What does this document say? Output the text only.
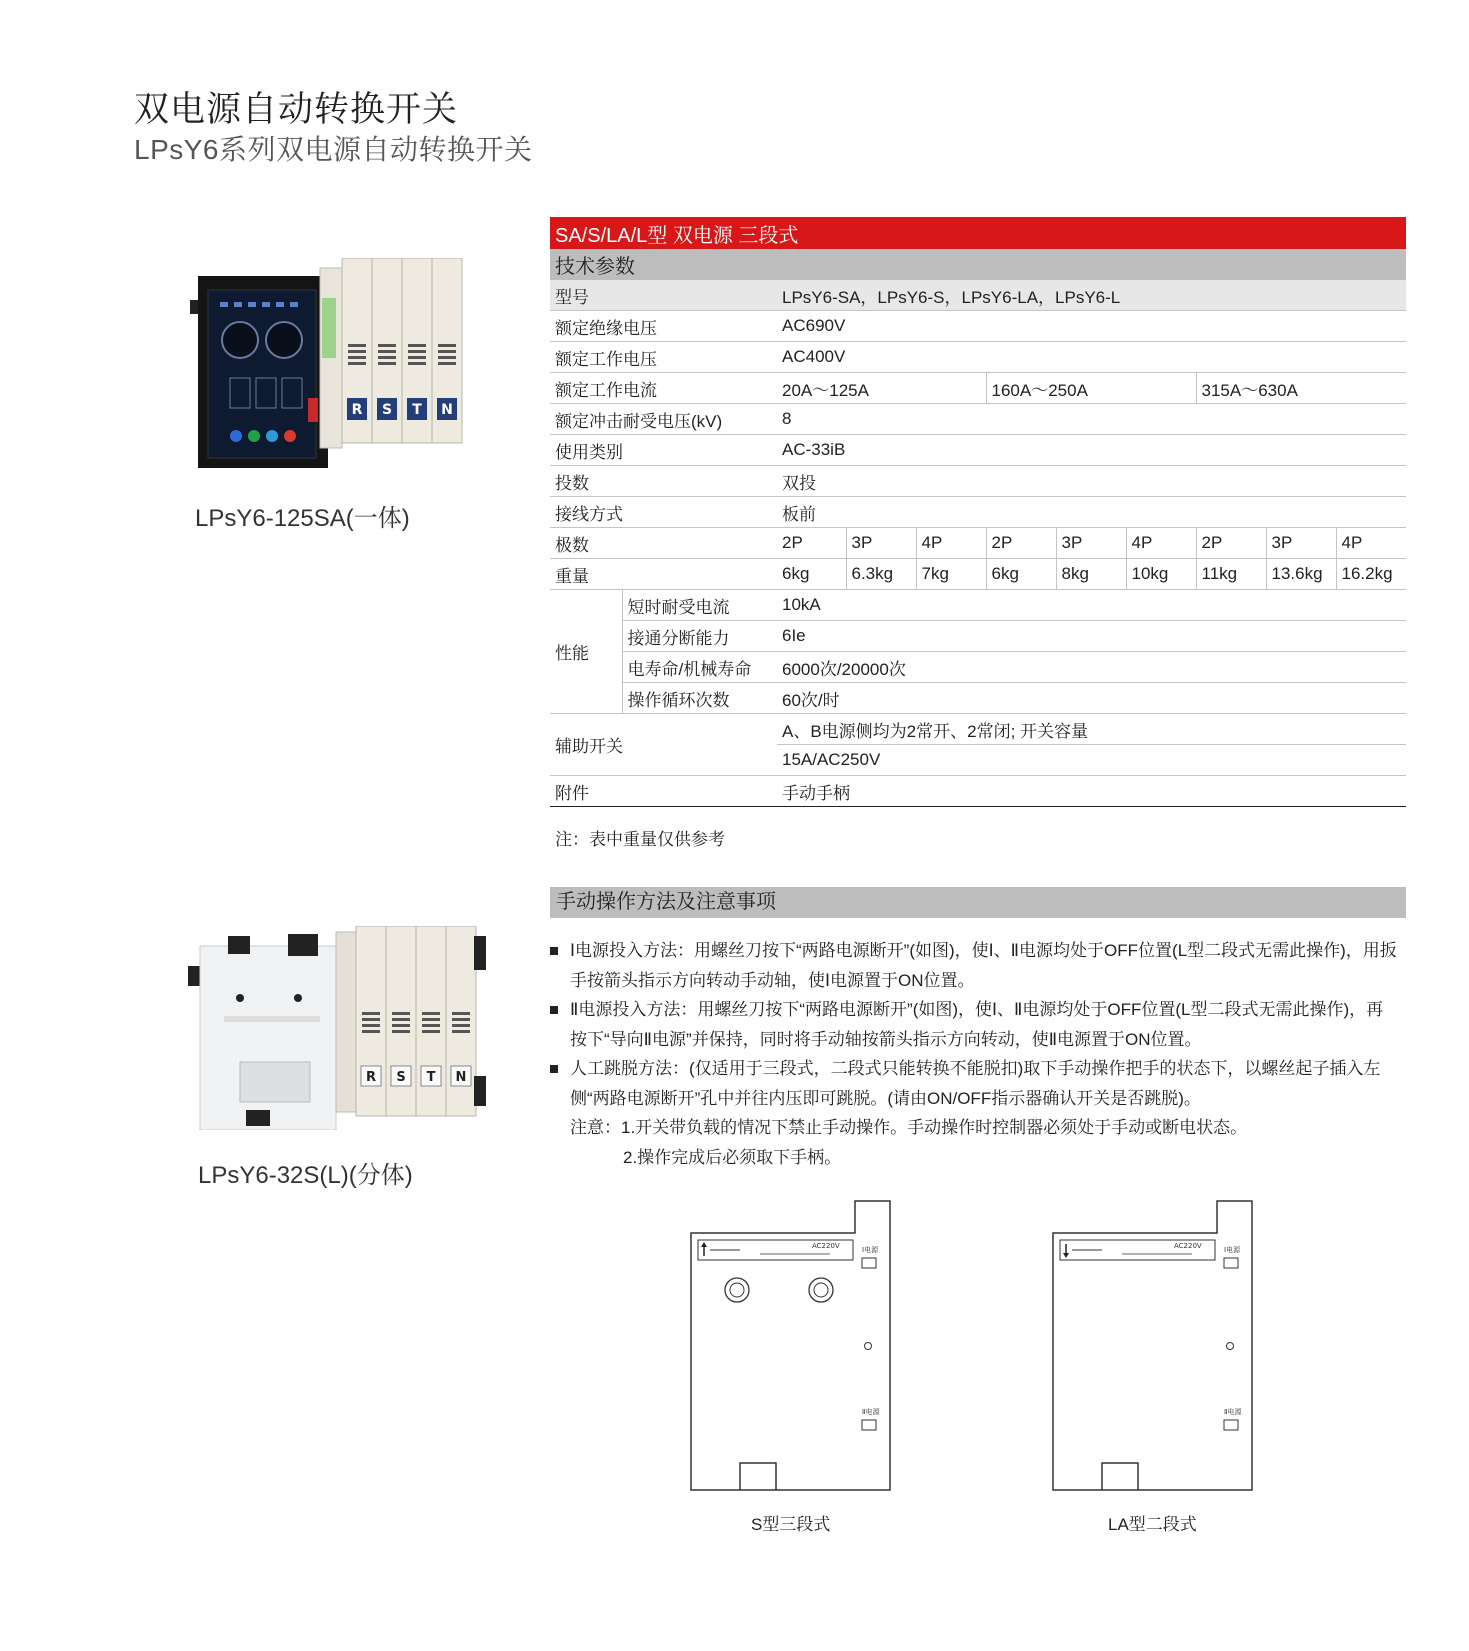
双电源自动转换开关
LPsY6系列双电源自动转换开关
R S T N
LPsY6-125SA(一体)
R S T N
LPsY6-32S(L)(分体)
SA/S/LA/L型 双电源 三段式										
技术参数										
型号		LPsY6-SA，LPsY6-S，LPsY6-LA，LPsY6-L								
额定绝缘电压		AC690V								
额定工作电压		AC400V								
额定工作电流		20A～125A			160A～250A			315A～630A		
额定冲击耐受电压(kV)		8								
使用类别		AC-33iB								
投数		双投								
接线方式		板前								
极数		2P	3P	4P	2P	3P	4P	2P	3P	4P
重量		6kg	6.3kg	7kg	6kg	8kg	10kg	11kg	13.6kg	16.2kg
性能	短时耐受电流	10kA								
	接通分断能力	6Ie								
	电寿命/机械寿命	6000次/20000次								
	操作循环次数	60次/时								
辅助开关		A、B电源侧均为2常开、2常闭; 开关容量								
		15A/AC250V								
附件		手动手柄								
注：表中重量仅供参考
手动操作方法及注意事项
Ⅰ电源投入方法：用螺丝刀按下“两路电源断开”(如图)，使Ⅰ、Ⅱ电源均处于OFF位置(L型二段式无需此操作)，用扳手按箭头指示方向转动手动轴，使Ⅰ电源置于ON位置。
Ⅱ电源投入方法：用螺丝刀按下“两路电源断开”(如图)，使Ⅰ、Ⅱ电源均处于OFF位置(L型二段式无需此操作)，再按下“导向Ⅱ电源”并保持，同时将手动轴按箭头指示方向转动，使Ⅱ电源置于ON位置。
人工跳脱方法：(仅适用于三段式，二段式只能转换不能脱扣)取下手动操作把手的状态下，以螺丝起子插入左侧“两路电源断开”孔中并往内压即可跳脱。(请由ON/OFF指示器确认开关是否跳脱)。
注意：1.开关带负载的情况下禁止手动操作。手动操作时控制器必须处于手动或断电状态。
2.操作完成后必须取下手柄。
AC220V	Ⅰ电源
Ⅱ电源
S型三段式
AC220V	Ⅰ电源
Ⅱ电源
LA型二段式
